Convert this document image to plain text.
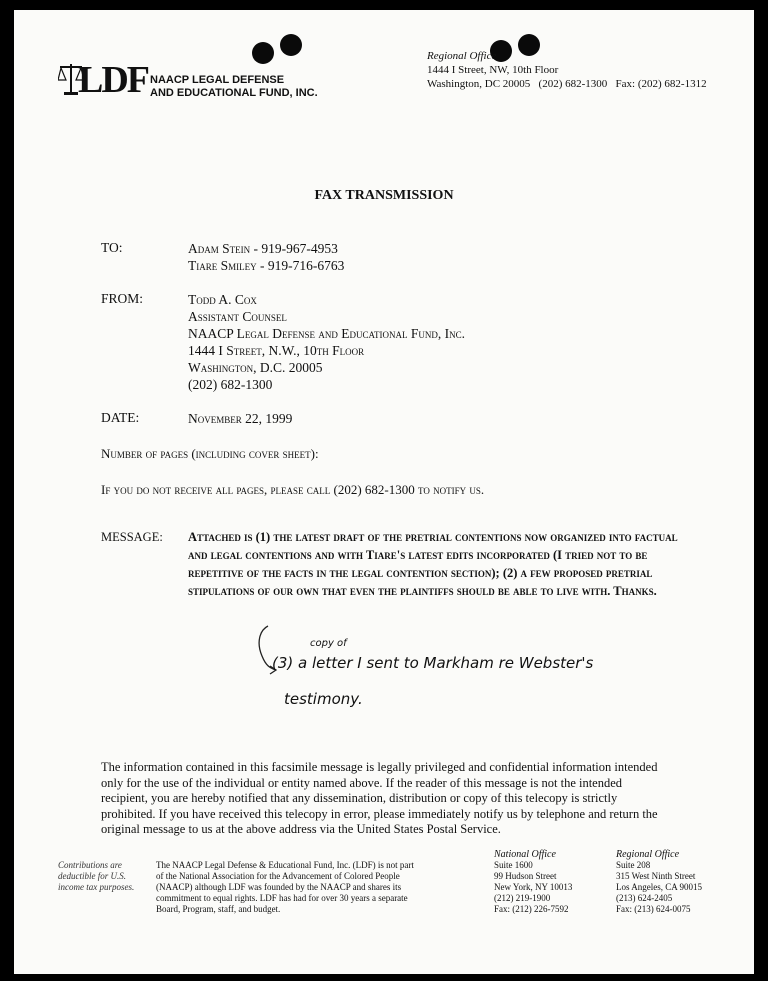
LDF NAACP LEGAL DEFENSE
AND EDUCATIONAL FUND, INC.
Regional Office
1444 I Street, NW, 10th Floor
Washington, DC 20005   (202) 682-1300   Fax: (202) 682-1312
FAX TRANSMISSION
TO:	Adam Stein - 919-967-4953
Tiare Smiley - 919-716-6763
FROM:	Todd A. Cox
Assistant Counsel
NAACP Legal Defense and Educational Fund, Inc.
1444 I Street, N.W., 10th Floor
Washington, D.C. 20005
(202) 682-1300
DATE:	November 22, 1999
Number of pages (including cover sheet):
If you do not receive all pages, please call (202) 682-1300 to notify us.
MESSAGE: Attached is (1) the latest draft of the pretrial contentions now organized into factual and legal contentions and with Tiare's latest edits incorporated (I tried not to be repetitive of the facts in the legal contention section); (2) a few proposed pretrial stipulations of our own that even the plaintiffs should be able to live with. Thanks.
copy of
(3) a letter I sent to Markham re Webster's
testimony.
The information contained in this facsimile message is legally privileged and confidential information intended only for the use of the individual or entity named above. If the reader of this message is not the intended recipient, you are hereby notified that any dissemination, distribution or copy of this telecopy is strictly prohibited. If you have received this telecopy in error, please immediately notify us by telephone and return the original message to us at the above address via the United States Postal Service.
Contributions are
deductible for U.S.
income tax purposes.
The NAACP Legal Defense & Educational Fund, Inc. (LDF) is not part
of the National Association for the Advancement of Colored People
(NAACP) although LDF was founded by the NAACP and shares its
commitment to equal rights. LDF has had for over 30 years a separate
Board, Program, staff, and budget.
National Office
Suite 1600
99 Hudson Street
New York, NY 10013
(212) 219-1900
Fax: (212) 226-7592
Regional Office
Suite 208
315 West Ninth Street
Los Angeles, CA 90015
(213) 624-2405
Fax: (213) 624-0075
